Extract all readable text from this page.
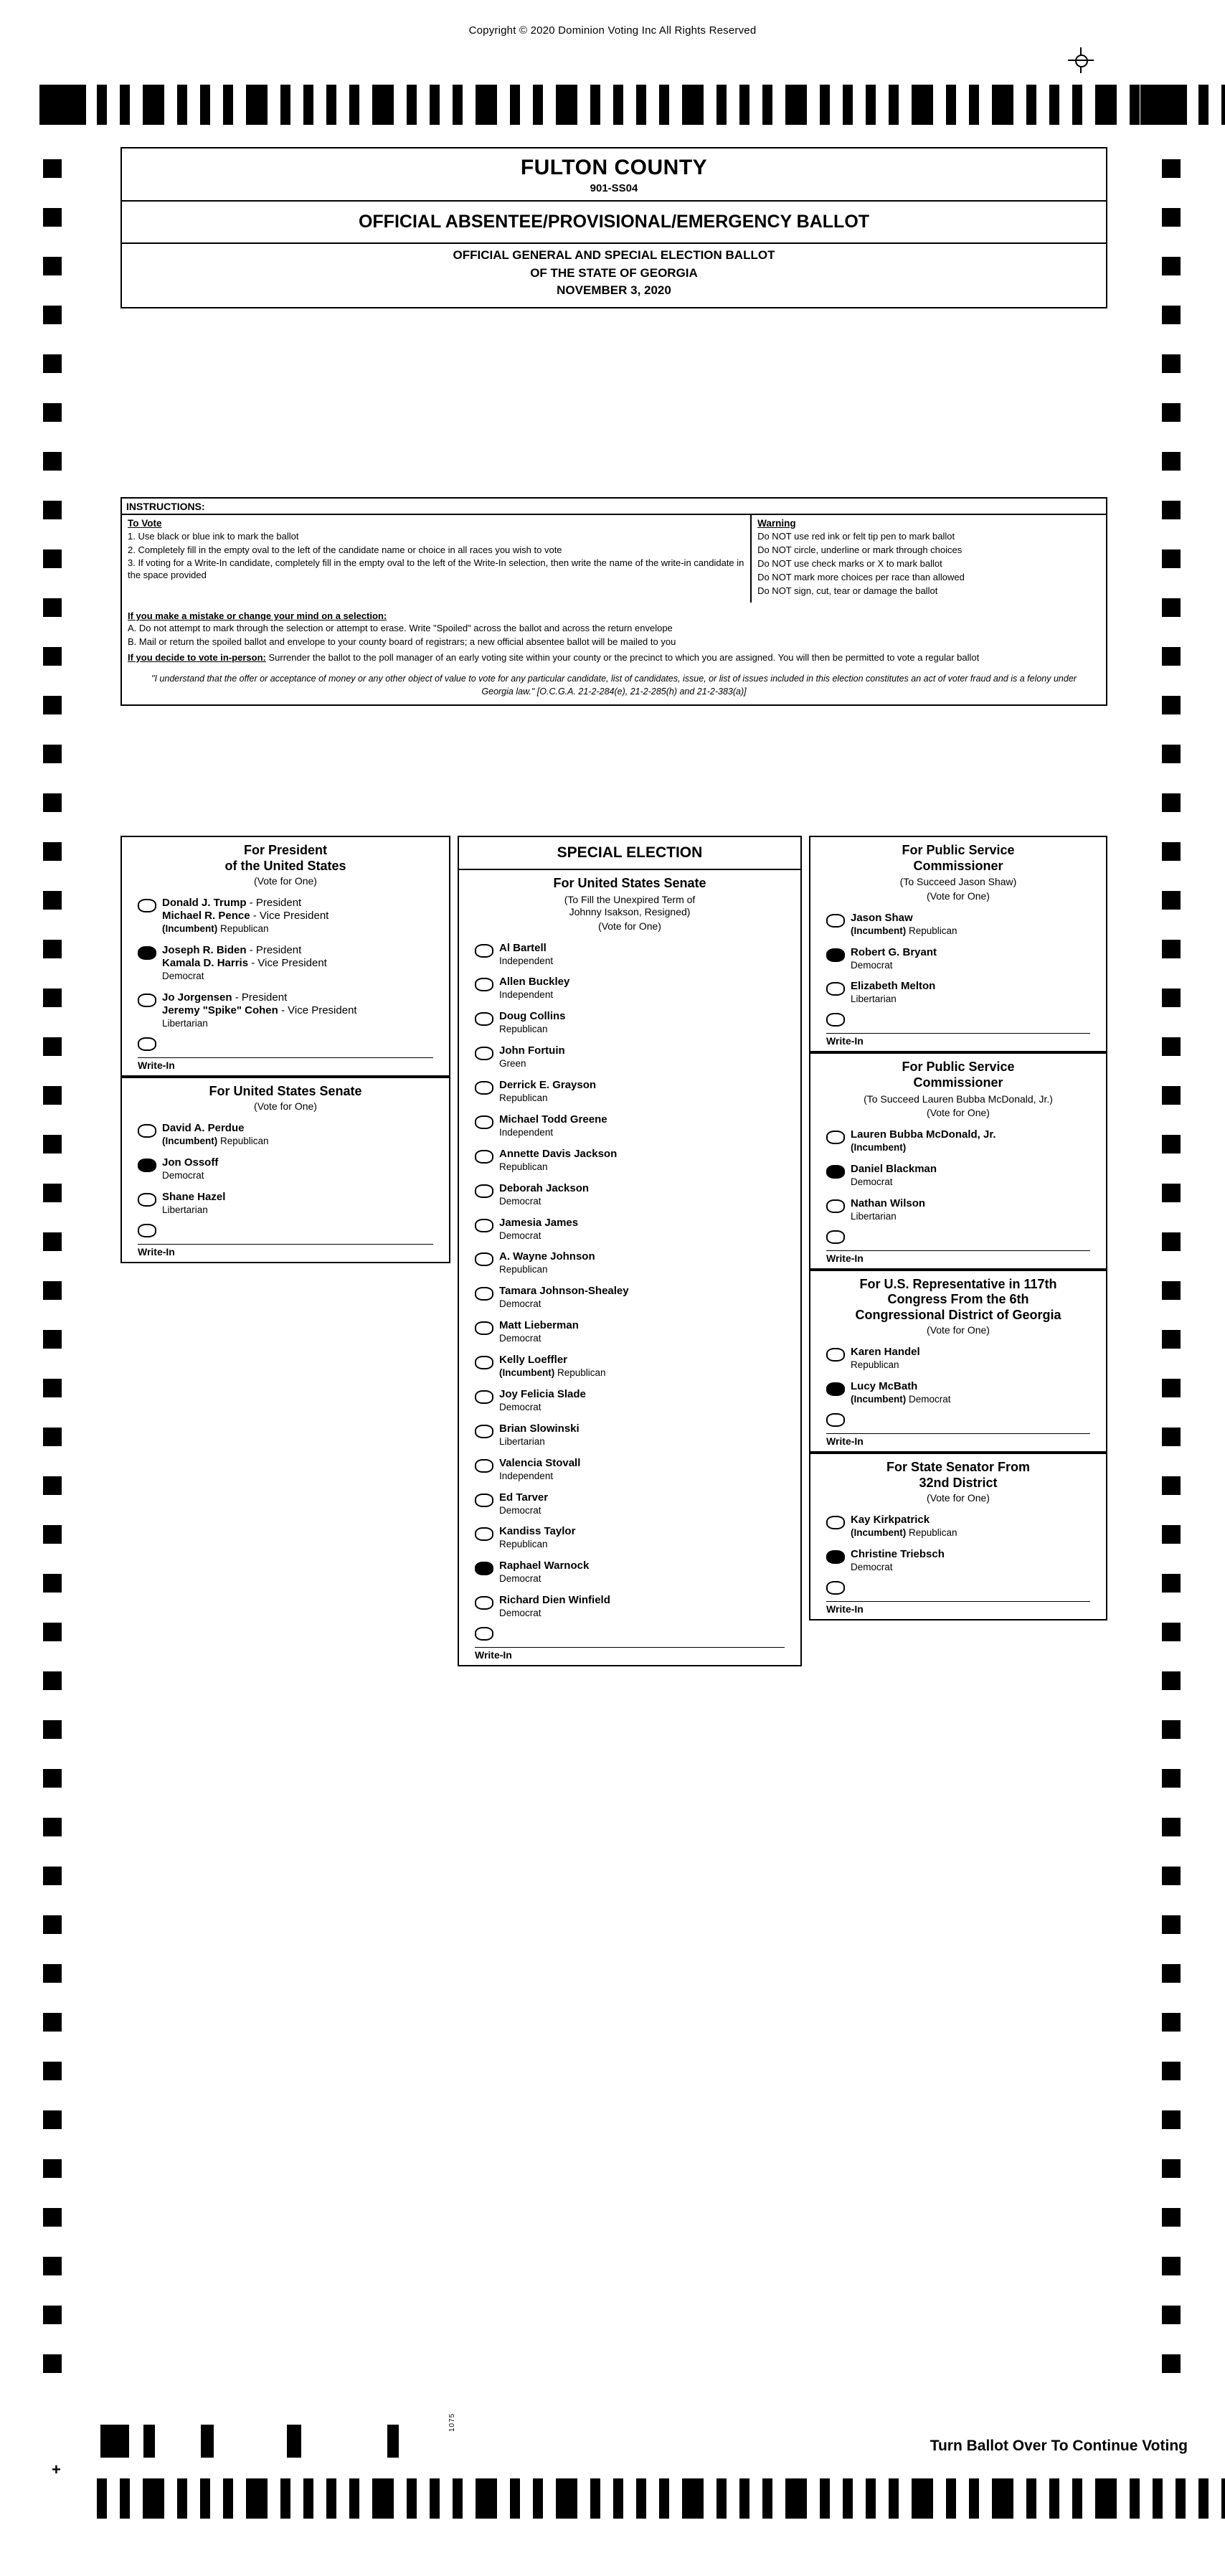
Copyright © 2020 Dominion Voting Inc All Rights Reserved
+
FULTON COUNTY
901-SS04
OFFICIAL ABSENTEE/PROVISIONAL/EMERGENCY BALLOT
OFFICIAL GENERAL AND SPECIAL ELECTION BALLOT
OF THE STATE OF GEORGIA
NOVEMBER 3, 2020
INSTRUCTIONS:
To Vote
1. Use black or blue ink to mark the ballot
2. Completely fill in the empty oval to the left of the candidate name or choice in all races you wish to vote
3. If voting for a Write-In candidate, completely fill in the empty oval to the left of the Write-In selection, then write the name of the write-in candidate in the space provided
Warning
Do NOT use red ink or felt tip pen to mark ballot
Do NOT circle, underline or mark through choices
Do NOT use check marks or X to mark ballot
Do NOT mark more choices per race than allowed
Do NOT sign, cut, tear or damage the ballot
If you make a mistake or change your mind on a selection:
A. Do not attempt to mark through the selection or attempt to erase. Write "Spoiled" across the ballot and across the return envelope
B. Mail or return the spoiled ballot and envelope to your county board of registrars; a new official absentee ballot will be mailed to you
If you decide to vote in-person: Surrender the ballot to the poll manager of an early voting site within your county or the precinct to which you are assigned. You will then be permitted to vote a regular ballot
"I understand that the offer or acceptance of money or any other object of value to vote for any particular candidate, list of candidates, issue, or list of issues included in this election constitutes an act of voter fraud and is a felony under Georgia law." [O.C.G.A. 21-2-284(e), 21-2-285(h) and 21-2-383(a)]
For President
of the United States
(Vote for One)
Donald J. Trump - President
Michael R. Pence - Vice President
(Incumbent) Republican
Joseph R. Biden - President
Kamala D. Harris - Vice President
Democrat
Jo Jorgensen - President
Jeremy "Spike" Cohen - Vice President
Libertarian
Write-In
For United States Senate
(Vote for One)
David A. Perdue
(Incumbent) Republican
Jon Ossoff
Democrat
Shane Hazel
Libertarian
Write-In
SPECIAL ELECTION
For United States Senate
(To Fill the Unexpired Term of
Johnny Isakson, Resigned)
(Vote for One)
Al Bartell
Independent
Allen Buckley
Independent
Doug Collins
Republican
John Fortuin
Green
Derrick E. Grayson
Republican
Michael Todd Greene
Independent
Annette Davis Jackson
Republican
Deborah Jackson
Democrat
Jamesia James
Democrat
A. Wayne Johnson
Republican
Tamara Johnson-Shealey
Democrat
Matt Lieberman
Democrat
Kelly Loeffler
(Incumbent) Republican
Joy Felicia Slade
Democrat
Brian Slowinski
Libertarian
Valencia Stovall
Independent
Ed Tarver
Democrat
Kandiss Taylor
Republican
Raphael Warnock
Democrat
Richard Dien Winfield
Democrat
Write-In
For Public Service
Commissioner
(To Succeed Jason Shaw)
(Vote for One)
Jason Shaw
(Incumbent) Republican
Robert G. Bryant
Democrat
Elizabeth Melton
Libertarian
Write-In
For Public Service
Commissioner
(To Succeed Lauren Bubba McDonald, Jr.)
(Vote for One)
Lauren Bubba McDonald, Jr.
(Incumbent)
Daniel Blackman
Democrat
Nathan Wilson
Libertarian
Write-In
For U.S. Representative in 117th
Congress From the 6th
Congressional District of Georgia
(Vote for One)
Karen Handel
Republican
Lucy McBath
(Incumbent) Democrat
Write-In
For State Senator From
32nd District
(Vote for One)
Kay Kirkpatrick
(Incumbent) Republican
Christine Triebsch
Democrat
Write-In
Turn Ballot Over To Continue Voting
1075
